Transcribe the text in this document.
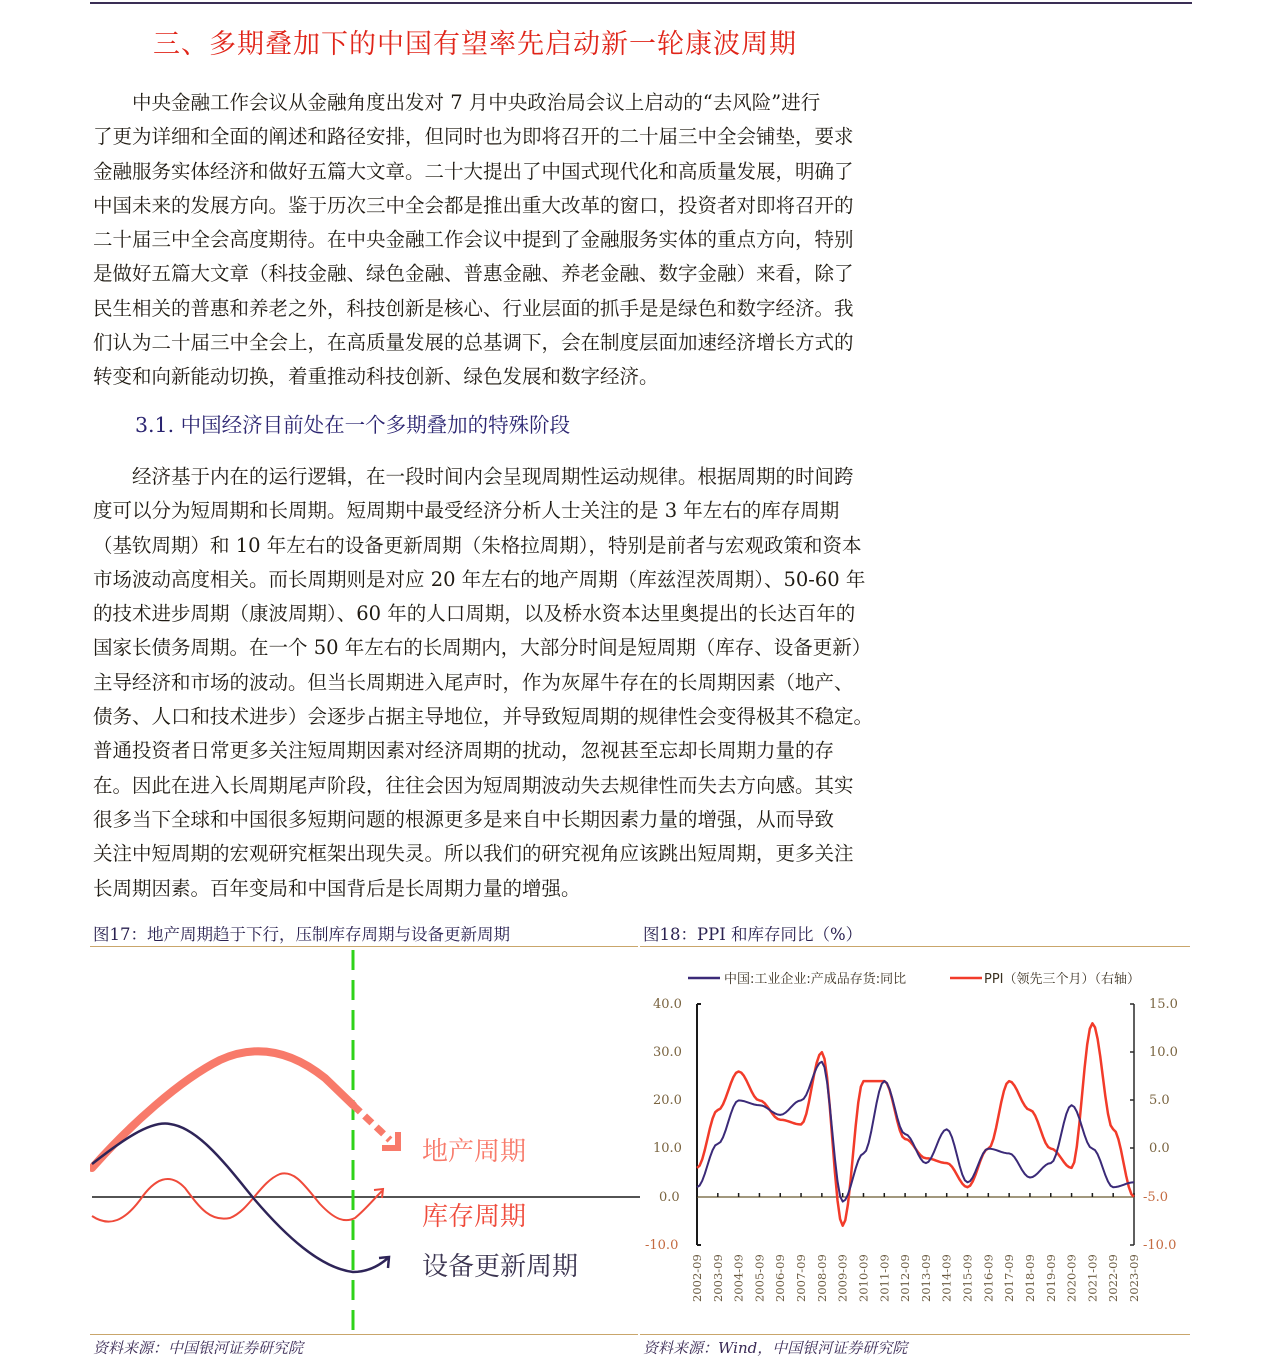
三、多期叠加下的中国有望率先启动新一轮康波周期
中央金融工作会议从金融角度出发对 7 月中央政治局会议上启动的“去风险”进行
了更为详细和全面的阐述和路径安排，但同时也为即将召开的二十届三中全会铺垫，要求
金融服务实体经济和做好五篇大文章。二十大提出了中国式现代化和高质量发展，明确了
中国未来的发展方向。鉴于历次三中全会都是推出重大改革的窗口，投资者对即将召开的
二十届三中全会高度期待。在中央金融工作会议中提到了金融服务实体的重点方向，特别
是做好五篇大文章（科技金融、绿色金融、普惠金融、养老金融、数字金融）来看，除了
民生相关的普惠和养老之外，科技创新是核心、行业层面的抓手是是绿色和数字经济。我
们认为二十届三中全会上，在高质量发展的总基调下，会在制度层面加速经济增长方式的
转变和向新能动切换，着重推动科技创新、绿色发展和数字经济。
3.1. 中国经济目前处在一个多期叠加的特殊阶段
经济基于内在的运行逻辑，在一段时间内会呈现周期性运动规律。根据周期的时间跨
度可以分为短周期和长周期。短周期中最受经济分析人士关注的是 3 年左右的库存周期
（基钦周期）和 10 年左右的设备更新周期（朱格拉周期），特别是前者与宏观政策和资本
市场波动高度相关。而长周期则是对应 20 年左右的地产周期（库兹涅茨周期）、50-60 年
的技术进步周期（康波周期）、60 年的人口周期，以及桥水资本达里奥提出的长达百年的
国家长债务周期。在一个 50 年左右的长周期内，大部分时间是短周期（库存、设备更新）
主导经济和市场的波动。但当长周期进入尾声时，作为灰犀牛存在的长周期因素（地产、
债务、人口和技术进步）会逐步占据主导地位，并导致短周期的规律性会变得极其不稳定。
普通投资者日常更多关注短周期因素对经济周期的扰动，忽视甚至忘却长周期力量的存
在。因此在进入长周期尾声阶段，往往会因为短周期波动失去规律性而失去方向感。其实
很多当下全球和中国很多短期问题的根源更多是来自中长期因素力量的增强，从而导致
关注中短周期的宏观研究框架出现失灵。所以我们的研究视角应该跳出短周期，更多关注
长周期因素。百年变局和中国背后是长周期力量的增强。
图17：地产周期趋于下行，压制库存周期与设备更新周期
地产周期
库存周期
设备更新周期
资料来源：中国银河证券研究院
图18：PPI 和库存同比（%）
中国:工业企业:产成品存货:同比	PPI（领先三个月）（右轴）
40.0
30.0
20.0
10.0
0.0
-10.0
15.0
10.0
5.0
0.0
-5.0
-10.0
2002-09 2003-09 2004-09 2005-09 2006-09 2007-09 2008-09 2009-09 2010-09 2011-09 2012-09 2013-09 2014-09 2015-09 2016-09 2017-09 2018-09 2019-09 2020-09 2021-09 2022-09 2023-09
资料来源：Wind，中国银河证券研究院
